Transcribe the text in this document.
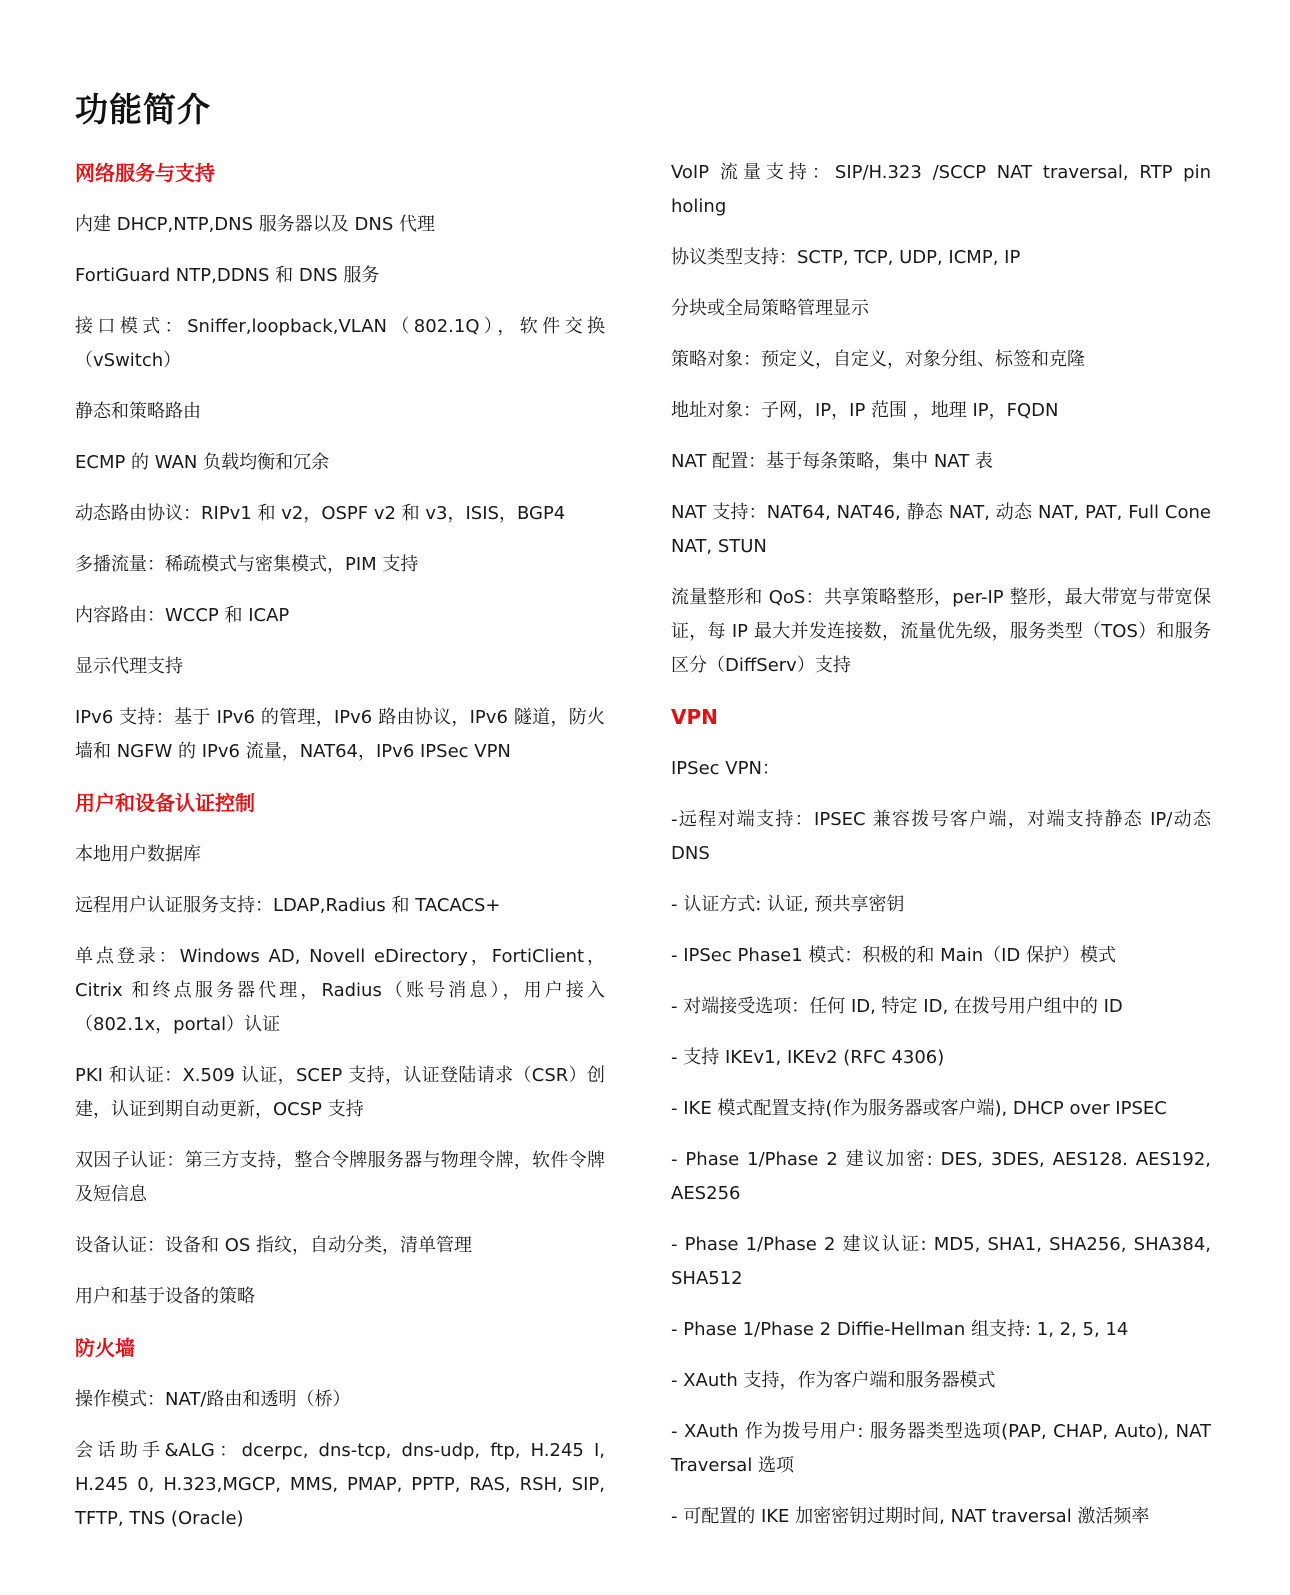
功能简介
网络服务与支持

内建 DHCP,NTP,DNS 服务器以及 DNS 代理

FortiGuard NTP,DDNS 和 DNS 服务

接口模式：Sniffer,loopback,VLAN（802.1Q），软件交换（vSwitch）

静态和策略路由

ECMP 的 WAN 负载均衡和冗余

动态路由协议：RIPv1 和 v2，OSPF v2 和 v3，ISIS，BGP4

多播流量：稀疏模式与密集模式，PIM 支持

内容路由：WCCP 和 ICAP

显示代理支持

IPv6 支持：基于 IPv6 的管理，IPv6 路由协议，IPv6 隧道，防火墙和 NGFW 的 IPv6 流量，NAT64，IPv6 IPSec VPN

用户和设备认证控制

本地用户数据库

远程用户认证服务支持：LDAP,Radius 和 TACACS+

单点登录：Windows AD, Novell eDirectory，FortiClient，Citrix 和终点服务器代理，Radius（账号消息），用户接入（802.1x，portal）认证

PKI 和认证：X.509 认证，SCEP 支持，认证登陆请求（CSR）创建，认证到期自动更新，OCSP 支持

双因子认证：第三方支持，整合令牌服务器与物理令牌，软件令牌及短信息

设备认证：设备和 OS 指纹，自动分类，清单管理

用户和基于设备的策略

防火墙

操作模式：NAT/路由和透明（桥）

会话助手&ALG：dcerpc, dns-tcp, dns-udp, ftp, H.245 I, H.245 0, H.323,MGCP, MMS, PMAP, PPTP, RAS, RSH, SIP, TFTP, TNS (Oracle)

VoIP 流量支持：SIP/H.323 /SCCP NAT traversal, RTP pin holing

协议类型支持：SCTP, TCP, UDP, ICMP, IP

分块或全局策略管理显示

策略对象：预定义，自定义，对象分组、标签和克隆

地址对象：子网，IP，IP 范围 ，地理 IP，FQDN

NAT 配置：基于每条策略，集中 NAT 表

NAT 支持：NAT64, NAT46, 静态 NAT, 动态 NAT, PAT, Full Cone NAT, STUN

流量整形和 QoS：共享策略整形，per-IP 整形，最大带宽与带宽保证，每 IP 最大并发连接数，流量优先级，服务类型（TOS）和服务区分（DiffServ）支持

VPN

IPSec VPN：

-远程对端支持：IPSEC 兼容拨号客户端，对端支持静态 IP/动态 DNS

- 认证方式: 认证, 预共享密钥

- IPSec Phase1 模式：积极的和 Main（ID 保护）模式

- 对端接受选项：任何 ID, 特定 ID, 在拨号用户组中的 ID

- 支持 IKEv1, IKEv2 (RFC 4306)

- IKE 模式配置支持(作为服务器或客户端), DHCP over IPSEC

- Phase 1/Phase 2 建议加密: DES, 3DES, AES128. AES192, AES256

- Phase 1/Phase 2 建议认证: MD5, SHA1, SHA256, SHA384, SHA512

- Phase 1/Phase 2 Diffie-Hellman 组支持: 1, 2, 5, 14

- XAuth 支持，作为客户端和服务器模式

- XAuth 作为拨号用户: 服务器类型选项(PAP, CHAP, Auto), NAT Traversal 选项

- 可配置的 IKE 加密密钥过期时间, NAT traversal 激活频率
